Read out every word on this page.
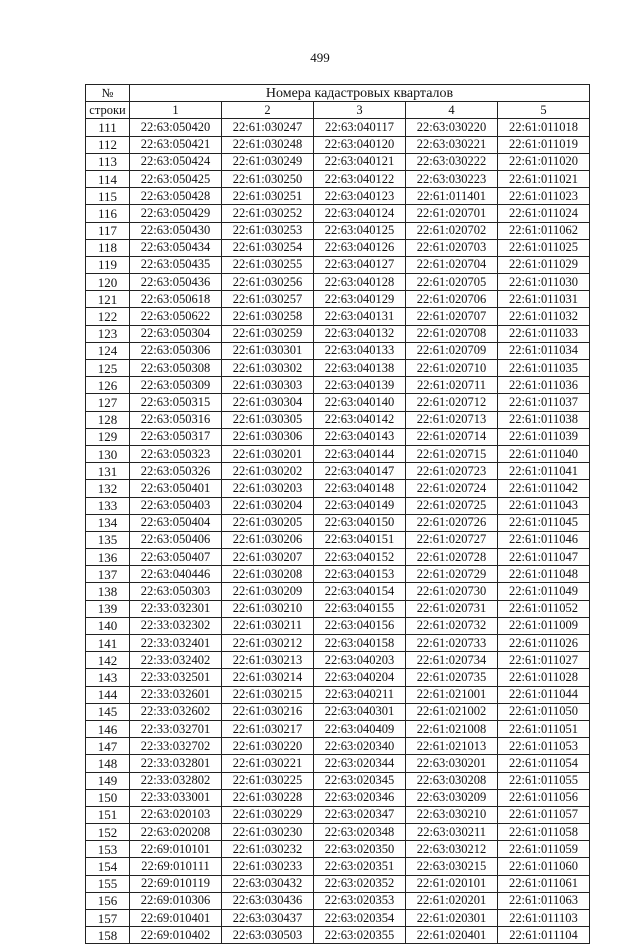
499
№	Номера кадастровых кварталов				
строки	1	2	3	4	5
111	22:63:050420	22:61:030247	22:63:040117	22:63:030220	22:61:011018
112	22:63:050421	22:61:030248	22:63:040120	22:63:030221	22:61:011019
113	22:63:050424	22:61:030249	22:63:040121	22:63:030222	22:61:011020
114	22:63:050425	22:61:030250	22:63:040122	22:63:030223	22:61:011021
115	22:63:050428	22:61:030251	22:63:040123	22:61:011401	22:61:011023
116	22:63:050429	22:61:030252	22:63:040124	22:61:020701	22:61:011024
117	22:63:050430	22:61:030253	22:63:040125	22:61:020702	22:61:011062
118	22:63:050434	22:61:030254	22:63:040126	22:61:020703	22:61:011025
119	22:63:050435	22:61:030255	22:63:040127	22:61:020704	22:61:011029
120	22:63:050436	22:61:030256	22:63:040128	22:61:020705	22:61:011030
121	22:63:050618	22:61:030257	22:63:040129	22:61:020706	22:61:011031
122	22:63:050622	22:61:030258	22:63:040131	22:61:020707	22:61:011032
123	22:63:050304	22:61:030259	22:63:040132	22:61:020708	22:61:011033
124	22:63:050306	22:61:030301	22:63:040133	22:61:020709	22:61:011034
125	22:63:050308	22:61:030302	22:63:040138	22:61:020710	22:61:011035
126	22:63:050309	22:61:030303	22:63:040139	22:61:020711	22:61:011036
127	22:63:050315	22:61:030304	22:63:040140	22:61:020712	22:61:011037
128	22:63:050316	22:61:030305	22:63:040142	22:61:020713	22:61:011038
129	22:63:050317	22:61:030306	22:63:040143	22:61:020714	22:61:011039
130	22:63:050323	22:61:030201	22:63:040144	22:61:020715	22:61:011040
131	22:63:050326	22:61:030202	22:63:040147	22:61:020723	22:61:011041
132	22:63:050401	22:61:030203	22:63:040148	22:61:020724	22:61:011042
133	22:63:050403	22:61:030204	22:63:040149	22:61:020725	22:61:011043
134	22:63:050404	22:61:030205	22:63:040150	22:61:020726	22:61:011045
135	22:63:050406	22:61:030206	22:63:040151	22:61:020727	22:61:011046
136	22:63:050407	22:61:030207	22:63:040152	22:61:020728	22:61:011047
137	22:63:040446	22:61:030208	22:63:040153	22:61:020729	22:61:011048
138	22:63:050303	22:61:030209	22:63:040154	22:61:020730	22:61:011049
139	22:33:032301	22:61:030210	22:63:040155	22:61:020731	22:61:011052
140	22:33:032302	22:61:030211	22:63:040156	22:61:020732	22:61:011009
141	22:33:032401	22:61:030212	22:63:040158	22:61:020733	22:61:011026
142	22:33:032402	22:61:030213	22:63:040203	22:61:020734	22:61:011027
143	22:33:032501	22:61:030214	22:63:040204	22:61:020735	22:61:011028
144	22:33:032601	22:61:030215	22:63:040211	22:61:021001	22:61:011044
145	22:33:032602	22:61:030216	22:63:040301	22:61:021002	22:61:011050
146	22:33:032701	22:61:030217	22:63:040409	22:61:021008	22:61:011051
147	22:33:032702	22:61:030220	22:63:020340	22:61:021013	22:61:011053
148	22:33:032801	22:61:030221	22:63:020344	22:63:030201	22:61:011054
149	22:33:032802	22:61:030225	22:63:020345	22:63:030208	22:61:011055
150	22:33:033001	22:61:030228	22:63:020346	22:63:030209	22:61:011056
151	22:63:020103	22:61:030229	22:63:020347	22:63:030210	22:61:011057
152	22:63:020208	22:61:030230	22:63:020348	22:63:030211	22:61:011058
153	22:69:010101	22:61:030232	22:63:020350	22:63:030212	22:61:011059
154	22:69:010111	22:61:030233	22:63:020351	22:63:030215	22:61:011060
155	22:69:010119	22:63:030432	22:63:020352	22:61:020101	22:61:011061
156	22:69:010306	22:63:030436	22:63:020353	22:61:020201	22:61:011063
157	22:69:010401	22:63:030437	22:63:020354	22:61:020301	22:61:011103
158	22:69:010402	22:63:030503	22:63:020355	22:61:020401	22:61:011104
